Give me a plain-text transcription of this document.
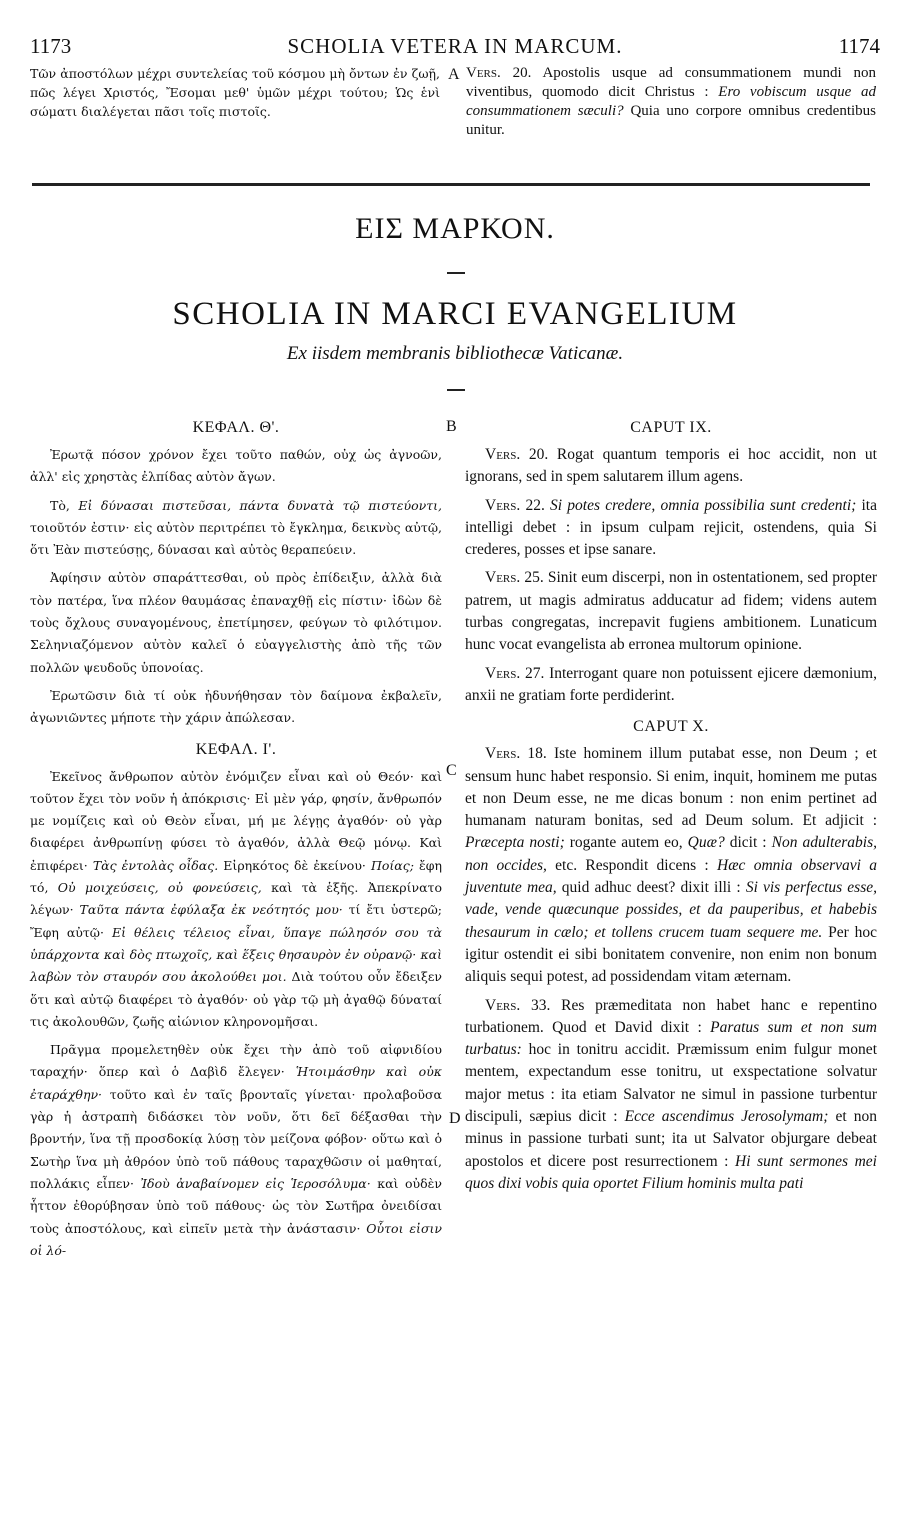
1173	SCHOLIA VETERA IN MARCUM.	1174
Τῶν ἀποστόλων μέχρι συντελείας τοῦ κόσμου μὴ ὄντων ἐν ζωῇ, πῶς λέγει Χριστός, Ἔσομαι μεθ' ὑμῶν μέχρι τούτου; Ὡς ἑνὶ σώματι διαλέγεται πᾶσι τοῖς πιστοῖς.
Vers. 20. Apostolis usque ad consummationem mundi non viventibus, quomodo dicit Christus : Ero vobiscum usque ad consummationem sæculi? Quia uno corpore omnibus credentibus unitur.
A
B
C
D
ΕΙΣ ΜΑΡΚΟΝ.
SCHOLIA IN MARCI EVANGELIUM
Ex iisdem membranis bibliothecæ Vaticanæ.
ΚΕΦΑΛ. Θ'.

Ἐρωτᾷ πόσον χρόνον ἔχει τοῦτο παθών, οὐχ ὡς ἀγνοῶν, ἀλλ' εἰς χρηστὰς ἐλπίδας αὐτὸν ἄγων.

Τὸ, Εἰ δύνασαι πιστεῦσαι, πάντα δυνατὰ τῷ πιστεύοντι, τοιοῦτόν ἐστιν· εἰς αὐτὸν περιτρέπει τὸ ἔγκλημα, δεικνὺς αὐτῷ, ὅτι Ἐὰν πιστεύσῃς, δύνασαι καὶ αὐτὸς θεραπεύειν.

Ἀφίησιν αὐτὸν σπαράττεσθαι, οὐ πρὸς ἐπίδειξιν, ἀλλὰ διὰ τὸν πατέρα, ἵνα πλέον θαυμάσας ἐπαναχθῇ εἰς πίστιν· ἰδὼν δὲ τοὺς ὄχλους συναγομένους, ἐπετίμησεν, φεύγων τὸ φιλότιμον. Σεληνιαζόμενον αὐτὸν καλεῖ ὁ εὐαγγελιστὴς ἀπὸ τῆς τῶν πολλῶν ψευδοῦς ὑπονοίας.

Ἐρωτῶσιν διὰ τί οὐκ ἠδυνήθησαν τὸν δαίμονα ἐκβαλεῖν, ἀγωνιῶντες μήποτε τὴν χάριν ἀπώλεσαν.

ΚΕΦΑΛ. Ι'.

Ἐκεῖνος ἄνθρωπον αὐτὸν ἐνόμιζεν εἶναι καὶ οὐ Θεόν· καὶ τοῦτον ἔχει τὸν νοῦν ἡ ἀπόκρισις· Εἰ μὲν γάρ, φησίν, ἄνθρωπόν με νομίζεις καὶ οὐ Θεὸν εἶναι, μή με λέγῃς ἀγαθόν· οὐ γὰρ διαφέρει ἀνθρωπίνῃ φύσει τὸ ἀγαθόν, ἀλλὰ Θεῷ μόνῳ. Καὶ ἐπιφέρει· Τὰς ἐντολὰς οἶδας. Εἰρηκότος δὲ ἐκείνου· Ποίας; ἔφη τό, Οὐ μοιχεύσεις, οὐ φονεύσεις, καὶ τὰ ἑξῆς. Ἀπεκρίνατο λέγων· Ταῦτα πάντα ἐφύλαξα ἐκ νεότητός μου· τί ἔτι ὑστερῶ; Ἔφη αὐτῷ· Εἰ θέλεις τέλειος εἶναι, ὕπαγε πώλησόν σου τὰ ὑπάρχοντα καὶ δὸς πτωχοῖς, καὶ ἕξεις θησαυρὸν ἐν οὐρανῷ· καὶ λαβὼν τὸν σταυρόν σου ἀκολούθει μοι. Διὰ τούτου οὖν ἔδειξεν ὅτι καὶ αὐτῷ διαφέρει τὸ ἀγαθόν· οὐ γὰρ τῷ μὴ ἀγαθῷ δύναταί τις ἀκολουθῶν, ζωῆς αἰώνιον κληρονομῆσαι.

Πρᾶγμα προμελετηθὲν οὐκ ἔχει τὴν ἀπὸ τοῦ αἰφνιδίου ταραχήν· ὅπερ καὶ ὁ Δαβὶδ ἔλεγεν· Ἡτοιμάσθην καὶ οὐκ ἐταράχθην· τοῦτο καὶ ἐν ταῖς βρονταῖς γίνεται· προλαβοῦσα γὰρ ἡ ἀστραπὴ διδάσκει τὸν νοῦν, ὅτι δεῖ δέξασθαι τὴν βροντήν, ἵνα τῇ προσδοκίᾳ λύσῃ τὸν μείζονα φόβον· οὕτω καὶ ὁ Σωτὴρ ἵνα μὴ ἀθρόον ὑπὸ τοῦ πάθους ταραχθῶσιν οἱ μαθηταί, πολλάκις εἶπεν· Ἰδοὺ ἀναβαίνομεν εἰς Ἱεροσόλυμα· καὶ οὐδὲν ἧττον ἐθορύβησαν ὑπὸ τοῦ πάθους· ὡς τὸν Σωτῆρα ὀνειδίσαι τοὺς ἀποστόλους, καὶ εἰπεῖν μετὰ τὴν ἀνάστασιν· Οὗτοι εἰσιν οἱ λό-

CAPUT IX.

Vers. 20. Rogat quantum temporis ei hoc accidit, non ut ignorans, sed in spem salutarem illum agens.

Vers. 22. Si potes credere, omnia possibilia sunt credenti; ita intelligi debet : in ipsum culpam rejicit, ostendens, quia Si crederes, posses et ipse sanare.

Vers. 25. Sinit eum discerpi, non in ostentationem, sed propter patrem, ut magis admiratus adducatur ad fidem; videns autem turbas congregatas, increpavit fugiens ambitionem. Lunaticum hunc vocat evangelista ab erronea multorum opinione.

Vers. 27. Interrogant quare non potuissent ejicere dæmonium, anxii ne gratiam forte perdiderint.

CAPUT X.

Vers. 18. Iste hominem illum putabat esse, non Deum ; et sensum hunc habet responsio. Si enim, inquit, hominem me putas et non Deum esse, ne me dicas bonum : non enim pertinet ad humanam naturam bonitas, sed ad Deum solum. Et adjicit : Præcepta nosti; rogante autem eo, Quæ? dicit : Non adulterabis, non occides, etc. Respondit dicens : Hæc omnia observavi a juventute mea, quid adhuc deest? dixit illi : Si vis perfectus esse, vade, vende quæcunque possides, et da pauperibus, et habebis thesaurum in cælo; et tollens crucem tuam sequere me. Per hoc igitur ostendit ei sibi bonitatem convenire, non enim non bonum aliquis sequi potest, ad possidendam vitam æternam.

Vers. 33. Res præmeditata non habet hanc e repentino turbationem. Quod et David dixit : Paratus sum et non sum turbatus: hoc in tonitru accidit. Præmissum enim fulgur monet mentem, expectandum esse tonitru, ut exspectatione solvatur major metus : ita etiam Salvator ne simul in passione turbentur discipuli, sæpius dicit : Ecce ascendimus Jerosolymam; et non minus in passione turbati sunt; ita ut Salvator objurgare debeat apostolos et dicere post resurrectionem : Hi sunt sermones mei quos dixi vobis quia oportet Filium hominis multa pati
